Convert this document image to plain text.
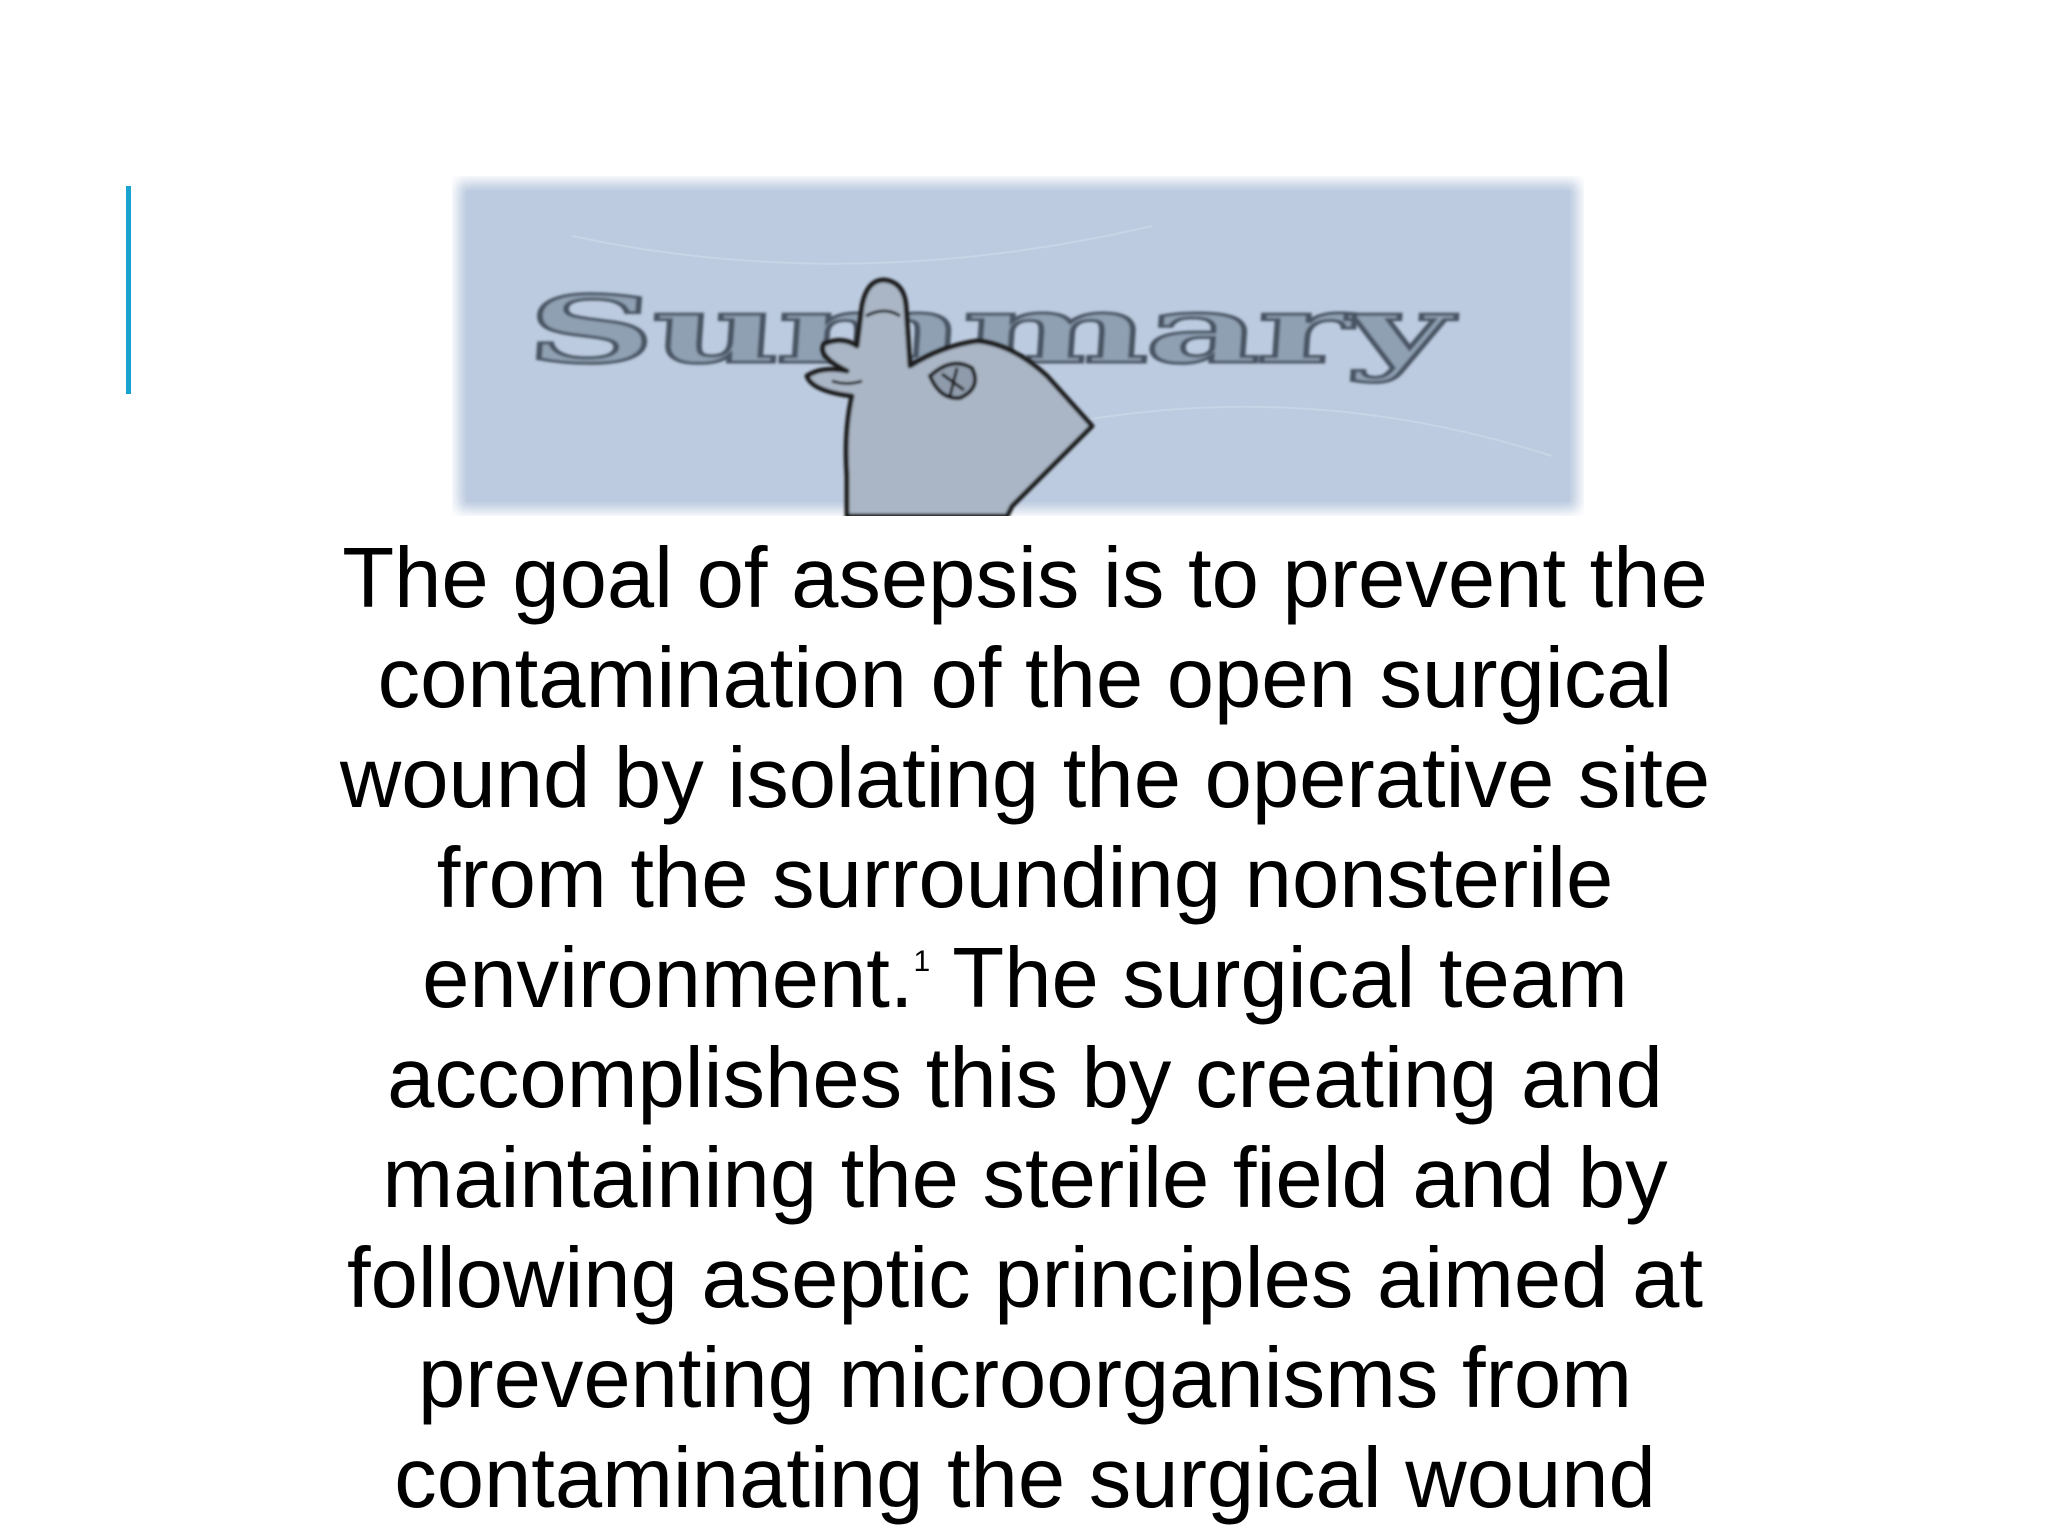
Summary

The goal of asepsis is to prevent the
contamination of the open surgical
wound by isolating the operative site
from the surrounding nonsterile
environment.$^1$ The surgical team
accomplishes this by creating and
maintaining the sterile field and by
following aseptic principles aimed at
preventing microorganisms from
contaminating the surgical wound
